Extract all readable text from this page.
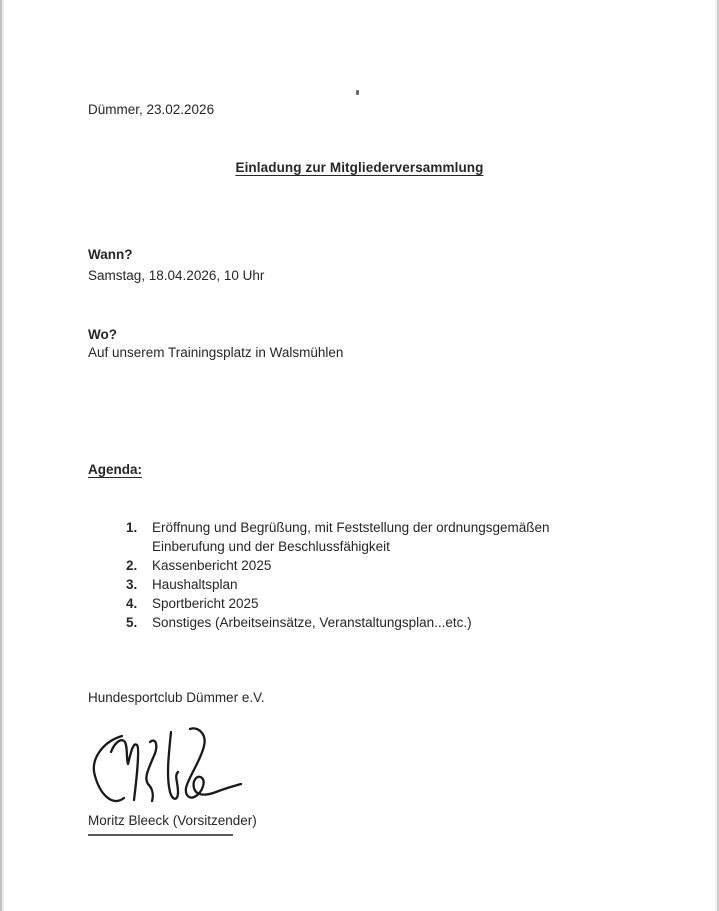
Dümmer, 23.02.2026
Einladung zur Mitgliederversammlung
Wann?
Samstag, 18.04.2026, 10 Uhr
Wo?
Auf unserem Trainingsplatz in Walsmühlen
Agenda:
1.	Eröffnung und Begrüßung, mit Feststellung der ordnungsgemäßen Einberufung und der Beschlussfähigkeit
2.	Kassenbericht 2025
3.	Haushaltsplan
4.	Sportbericht 2025
5.	Sonstiges (Arbeitseinsätze, Veranstaltungsplan...etc.)
Hundesportclub Dümmer e.V.
Moritz Bleeck (Vorsitzender)
